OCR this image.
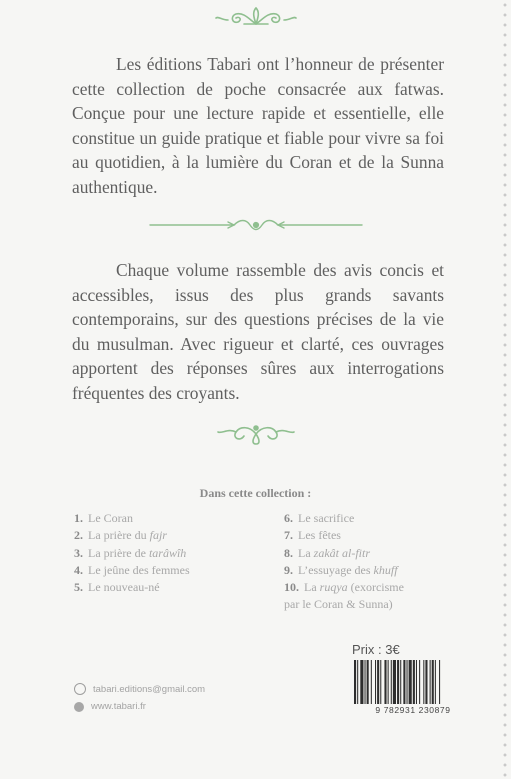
Les éditions Tabari ont l’honneur de présenter cette collection de poche consacrée aux fatwas. Conçue pour une lecture rapide et essentielle, elle constitue un guide pratique et fiable pour vivre sa foi au quotidien, à la lumière du Coran et de la Sunna authentique.

Chaque volume rassemble des avis concis et accessibles, issus des plus grands savants contemporains, sur des questions précises de la vie du musulman. Avec rigueur et clarté, ces ouvrages apportent des réponses sûres aux interrogations fréquentes des croyants.

Dans cette collection :
1. Le Coran
2. La prière du fajr
3. La prière de tarâwîh
4. Le jeûne des femmes
5. Le nouveau-né
6. Le sacrifice
7. Les fêtes
8. La zakât al-fitr
9. L’essuyage des khuff
10. La ruqya (exorcisme
par le Coran & Sunna)
Prix : 3€
9 782931 230879
tabari.editions@gmail.com
www.tabari.fr
